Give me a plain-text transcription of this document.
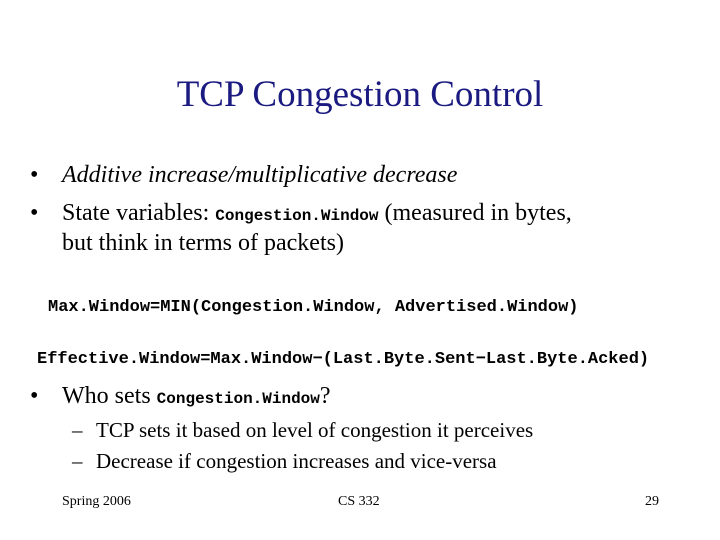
TCP Congestion Control
• Additive increase/multiplicative decrease
• State variables: Congestion.Window (measured in bytes,
but think in terms of packets)
Max.Window=MIN(Congestion.Window, Advertised.Window)
Effective.Window=Max.Window−(Last.Byte.Sent−Last.Byte.Acked)
• Who sets Congestion.Window?
– TCP sets it based on level of congestion it perceives
– Decrease if congestion increases and vice-versa
Spring 2006	CS 332	29
